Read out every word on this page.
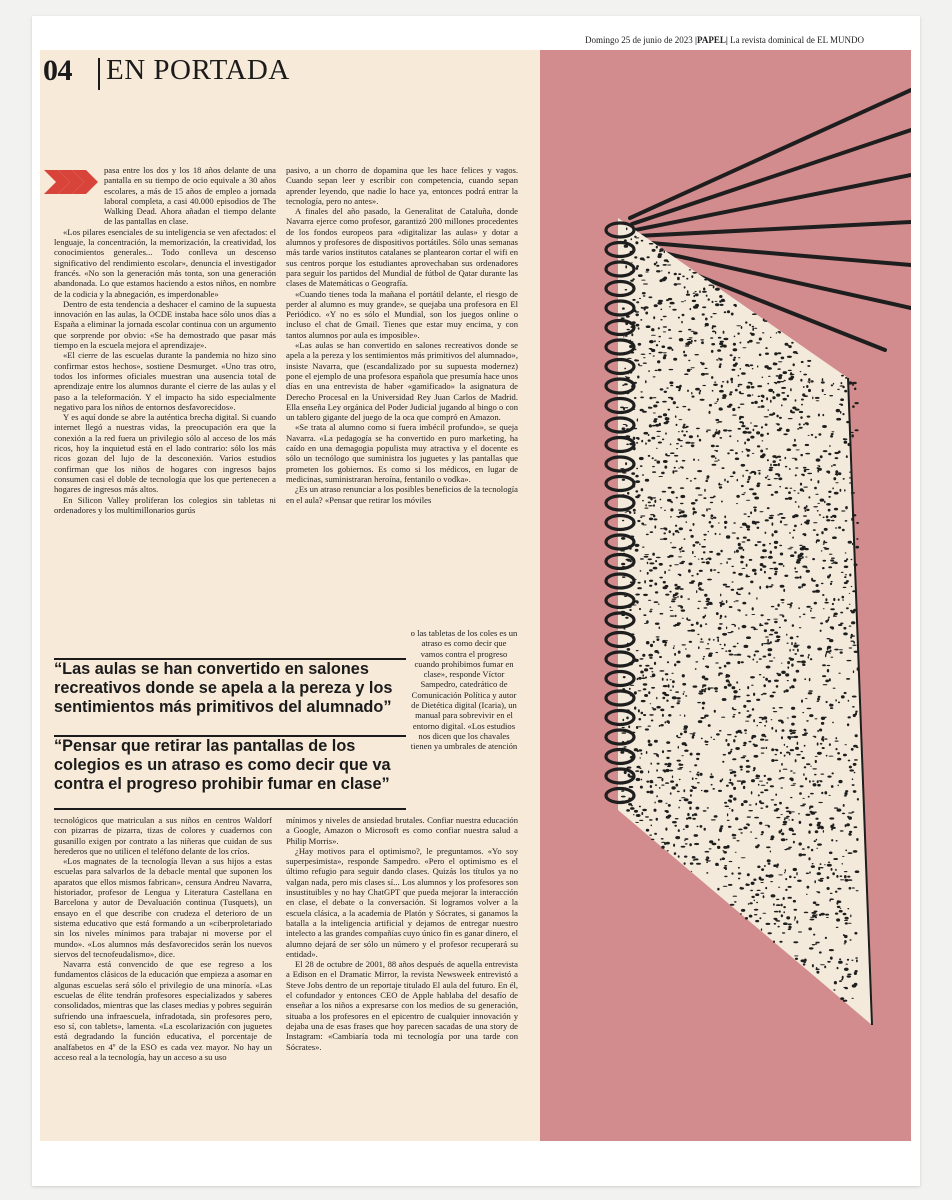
Domingo 25 de junio de 2023 |PAPEL| La revista dominical de EL MUNDO
04 EN PORTADA

pasa entre los dos y los 18 años delante de una pantalla en su tiempo de ocio equivale a 30 años escolares, a más de 15 años de empleo a jornada laboral completa, a casi 40.000 episodios de The Walking Dead. Ahora añadan el tiempo delante de las pantallas en clase.

«Los pilares esenciales de su inteligencia se ven afectados: el lenguaje, la concentración, la memorización, la creatividad, los conocimientos generales... Todo conlleva un descenso significativo del rendimiento escolar», denuncia el investigador francés. «No son la generación más tonta, son una generación abandonada. Lo que estamos haciendo a estos niños, en nombre de la codicia y la abnegación, es imperdonable»

Dentro de esta tendencia a deshacer el camino de la supuesta innovación en las aulas, la OCDE instaba hace sólo unos días a España a eliminar la jornada escolar continua con un argumento que sorprende por obvio: «Se ha demostrado que pasar más tiempo en la escuela mejora el aprendizaje».

«El cierre de las escuelas durante la pandemia no hizo sino confirmar estos hechos», sostiene Desmurget. «Uno tras otro, todos los informes oficiales muestran una ausencia total de aprendizaje entre los alumnos durante el cierre de las aulas y el paso a la teleformación. Y el impacto ha sido especialmente negativo para los niños de entornos desfavorecidos».

Y es aquí donde se abre la auténtica brecha digital. Si cuando internet llegó a nuestras vidas, la preocupación era que la conexión a la red fuera un privilegio sólo al acceso de los más ricos, hoy la inquietud está en el lado contrario: sólo los más ricos gozan del lujo de la desconexión. Varios estudios confirman que los niños de hogares con ingresos bajos consumen casi el doble de tecnología que los que pertenecen a hogares de ingresos más altos.

En Silicon Valley proliferan los colegios sin tabletas ni ordenadores y los multimillonarios gurús

pasivo, a un chorro de dopamina que les hace felices y vagos. Cuando sepan leer y escribir con competencia, cuando sepan aprender leyendo, que nadie lo hace ya, entonces podrá entrar la tecnología, pero no antes».

A finales del año pasado, la Generalitat de Cataluña, donde Navarra ejerce como profesor, garantizó 200 millones procedentes de los fondos europeos para «digitalizar las aulas» y dotar a alumnos y profesores de dispositivos portátiles. Sólo unas semanas más tarde varios institutos catalanes se plantearon cortar el wifi en sus centros porque los estudiantes aprovechaban sus ordenadores para seguir los partidos del Mundial de fútbol de Qatar durante las clases de Matemáticas o Geografía.

«Cuando tienes toda la mañana el portátil delante, el riesgo de perder al alumno es muy grande», se quejaba una profesora en El Periódico. «Y no es sólo el Mundial, son los juegos online o incluso el chat de Gmail. Tienes que estar muy encima, y con tantos alumnos por aula es imposible».

«Las aulas se han convertido en salones recreativos donde se apela a la pereza y los sentimientos más primitivos del alumnado», insiste Navarra, que (escandalizado por su supuesta modernez) pone el ejemplo de una profesora española que presumía hace unos días en una entrevista de haber «gamificado» la asignatura de Derecho Procesal en la Universidad Rey Juan Carlos de Madrid. Ella enseña Ley orgánica del Poder Judicial jugando al bingo o con un tablero gigante del juego de la oca que compró en Amazon.

«Se trata al alumno como si fuera imbécil profundo», se queja Navarra. «La pedagogía se ha convertido en puro marketing, ha caído en una demagogia populista muy atractiva y el docente es sólo un tecnólogo que suministra los juguetes y las pantallas que prometen los gobiernos. Es como si los médicos, en lugar de medicinas, suministraran heroína, fentanilo o vodka».

¿Es un atraso renunciar a los posibles beneficios de la tecnología en el aula? «Pensar que retirar los móviles

o las tabletas de los coles es un atraso es como decir que vamos contra el progreso cuando prohibimos fumar en clase», responde Víctor Sampedro, catedrático de Comunicación Política y autor de Dietética digital (Icaria), un manual para sobrevivir en el entorno digital. «Los estudios nos dicen que los chavales tienen ya umbrales de atención

“Las aulas se han convertido en salones recreativos donde se apela a la pereza y los sentimientos más primitivos del alumnado”
“Pensar que retirar las pantallas de los colegios es un atraso es como decir que va contra el progreso prohibir fumar en clase”

tecnológicos que matriculan a sus niños en centros Waldorf con pizarras de pizarra, tizas de colores y cuadernos con gusanillo exigen por contrato a las niñeras que cuidan de sus herederos que no utilicen el teléfono delante de los críos.

«Los magnates de la tecnología llevan a sus hijos a estas escuelas para salvarlos de la debacle mental que suponen los aparatos que ellos mismos fabrican», censura Andreu Navarra, historiador, profesor de Lengua y Literatura Castellana en Barcelona y autor de Devaluación continua (Tusquets), un ensayo en el que describe con crudeza el deterioro de un sistema educativo que está formando a un «ciberproletariado sin los niveles mínimos para trabajar ni moverse por el mundo». «Los alumnos más desfavorecidos serán los nuevos siervos del tecnofeudalismo», dice.

Navarra está convencido de que ese regreso a los fundamentos clásicos de la educación que empieza a asomar en algunas escuelas será sólo el privilegio de una minoría. «Las escuelas de élite tendrán profesores especializados y saberes consolidados, mientras que las clases medias y pobres seguirán sufriendo una infraescuela, infradotada, sin profesores pero, eso sí, con tablets», lamenta. «La escolarización con juguetes está degradando la función educativa, el porcentaje de analfabetos en 4º de la ESO es cada vez mayor. No hay un acceso real a la tecnología, hay un acceso a su uso

mínimos y niveles de ansiedad brutales. Confiar nuestra educación a Google, Amazon o Microsoft es como confiar nuestra salud a Philip Morris».

¿Hay motivos para el optimismo?, le preguntamos. «Yo soy superpesimista», responde Sampedro. «Pero el optimismo es el último refugio para seguir dando clases. Quizás los títulos ya no valgan nada, pero mis clases sí... Los alumnos y los profesores son insustituibles y no hay ChatGPT que pueda mejorar la interacción en clase, el debate o la conversación. Si logramos volver a la escuela clásica, a la academia de Platón y Sócrates, si ganamos la batalla a la inteligencia artificial y dejamos de entregar nuestro intelecto a las grandes compañías cuyo único fin es ganar dinero, el alumno dejará de ser sólo un número y el profesor recuperará su entidad».

El 28 de octubre de 2001, 88 años después de aquella entrevista a Edison en el Dramatic Mirror, la revista Newsweek entrevistó a Steve Jobs dentro de un reportaje titulado El aula del futuro. En él, el cofundador y entonces CEO de Apple hablaba del desafío de enseñar a los niños a expresarse con los medios de su generación, situaba a los profesores en el epicentro de cualquier innovación y dejaba una de esas frases que hoy parecen sacadas de una story de Instagram: «Cambiaría toda mi tecnología por una tarde con Sócrates».
